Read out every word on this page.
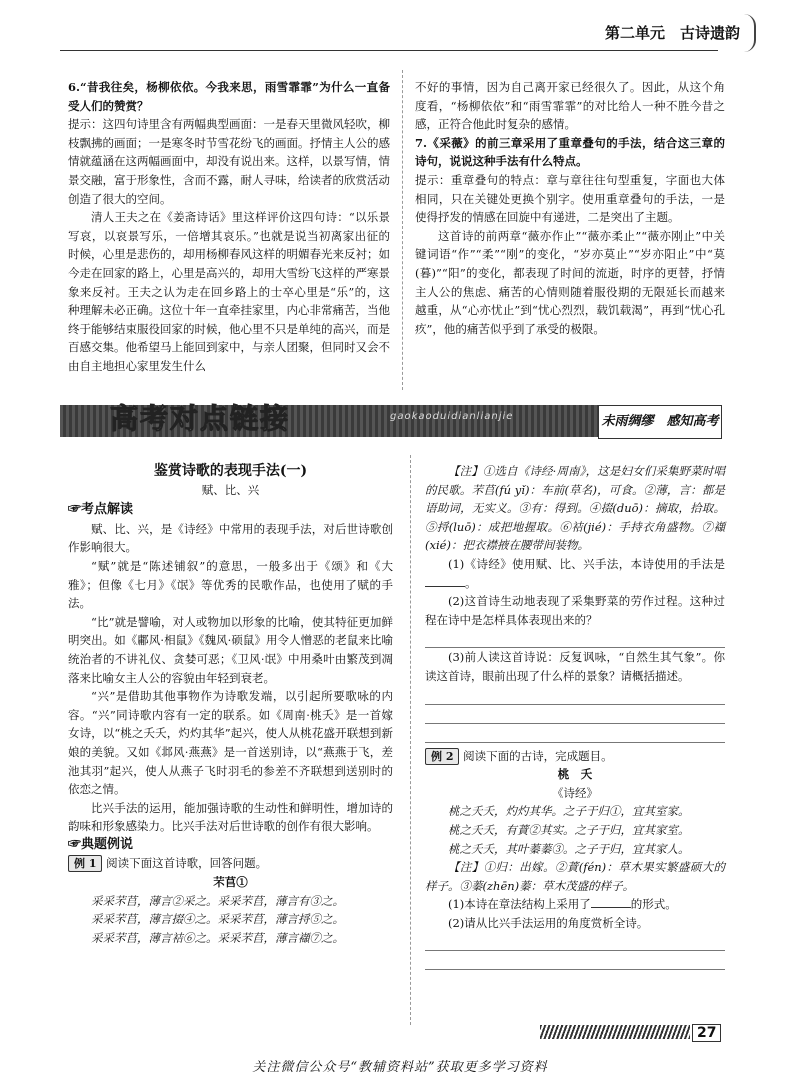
第二单元　古诗遗韵

6.“昔我往矣，杨柳依依。今我来思，雨雪霏霏”为什么一直备受人们的赞赏？

提示：这四句诗里含有两幅典型画面：一是春天里微风轻吹，柳枝飘拂的画面；一是寒冬时节雪花纷飞的画面。抒情主人公的感情就蕴涵在这两幅画面中，却没有说出来。这样，以景写情，情景交融，富于形象性，含而不露，耐人寻味，给读者的欣赏活动创造了很大的空间。

清人王夫之在《姜斋诗话》里这样评价这四句诗：“以乐景写哀，以哀景写乐，一倍增其哀乐。”也就是说当初离家出征的时候，心里是悲伤的，却用杨柳春风这样的明媚春光来反衬；如今走在回家的路上，心里是高兴的，却用大雪纷飞这样的严寒景象来反衬。王夫之认为走在回乡路上的士卒心里是“乐”的，这种理解未必正确。这位十年一直牵挂家里，内心非常痛苦，当他终于能够结束服役回家的时候，他心里不只是单纯的高兴，而是百感交集。他希望马上能回到家中，与亲人团聚，但同时又会不由自主地担心家里发生什么

不好的事情，因为自己离开家已经很久了。因此，从这个角度看，“杨柳依依”和“雨雪霏霏”的对比给人一种不胜今昔之感，正符合他此时复杂的感情。

7.《采薇》的前三章采用了重章叠句的手法，结合这三章的诗句，说说这种手法有什么特点。

提示：重章叠句的特点：章与章往往句型重复，字面也大体相同，只在关键处更换个别字。使用重章叠句的手法，一是使得抒发的情感在回旋中有递进，二是突出了主题。

这首诗的前两章“薇亦作止”“薇亦柔止”“薇亦刚止”中关键词语“作”“柔”“刚”的变化，“岁亦莫止”“岁亦阳止”中“莫(暮)”“阳”的变化，都表现了时间的流逝，时序的更替，抒情主人公的焦虑、痛苦的心情则随着服役期的无限延长而越来越重，从“心亦忧止”到“忧心烈烈，载饥载渴”，再到“忧心孔疚”，他的痛苦似乎到了承受的极限。

高考对点链接	gaokaoduidianlianjie	未雨绸缪　感知高考

鉴赏诗歌的表现手法(一)

赋、比、兴

☞考点解读

赋、比、兴，是《诗经》中常用的表现手法，对后世诗歌创作影响很大。

“赋”就是“陈述铺叙”的意思，一般多出于《颂》和《大雅》；但像《七月》《氓》等优秀的民歌作品，也使用了赋的手法。

“比”就是譬喻，对人或物加以形象的比喻，使其特征更加鲜明突出。如《鄘风·相鼠》《魏风·硕鼠》用令人憎恶的老鼠来比喻统治者的不讲礼仪、贪婪可恶；《卫风·氓》中用桑叶由繁茂到凋落来比喻女主人公的容貌由年轻到衰老。

“兴”是借助其他事物作为诗歌发端，以引起所要歌咏的内容。“兴”同诗歌内容有一定的联系。如《周南·桃夭》是一首嫁女诗，以“桃之夭夭，灼灼其华”起兴，使人从桃花盛开联想到新娘的美貌。又如《邶风·燕燕》是一首送别诗，以“燕燕于飞，差池其羽”起兴，使人从燕子飞时羽毛的参差不齐联想到送别时的依恋之情。

比兴手法的运用，能加强诗歌的生动性和鲜明性，增加诗的韵味和形象感染力。比兴手法对后世诗歌的创作有很大影响。

☞典题例说

例 1 阅读下面这首诗歌，回答问题。

芣苢①

采采芣苢，薄言②采之。采采芣苢，薄言有③之。

采采芣苢，薄言掇④之。采采芣苢，薄言捋⑤之。

采采芣苢，薄言袺⑥之。采采芣苢，薄言襭⑦之。

【注】①选自《诗经·周南》，这是妇女们采集野菜时唱的民歌。芣苢(fú yǐ)：车前(草名)，可食。②薄，言：都是语助词，无实义。③有：得到。④掇(duō)：摘取，拾取。⑤捋(luō)：成把地握取。⑥袺(jié)：手持衣角盛物。⑦襭(xié)：把衣襟掖在腰带间装物。

(1)《诗经》使用赋、比、兴手法，本诗使用的手法是。

(2)这首诗生动地表现了采集野菜的劳作过程。这种过程在诗中是怎样具体表现出来的？

(3)前人读这首诗说：反复讽咏，“自然生其气象”。你读这首诗，眼前出现了什么样的景象？请概括描述。

例 2 阅读下面的古诗，完成题目。

桃　夭

《诗经》

桃之夭夭，灼灼其华。之子于归①，宜其室家。

桃之夭夭，有蕡②其实。之子于归，宜其家室。

桃之夭夭，其叶蓁蓁③。之子于归，宜其家人。

【注】①归：出嫁。②蕡(fén)：草木果实繁盛硕大的样子。③蓁(zhēn)蓁：草木茂盛的样子。

(1)本诗在章法结构上采用了	的形式。

(2)请从比兴手法运用的角度赏析全诗。

27
关注微信公众号“教辅资料站”获取更多学习资料
